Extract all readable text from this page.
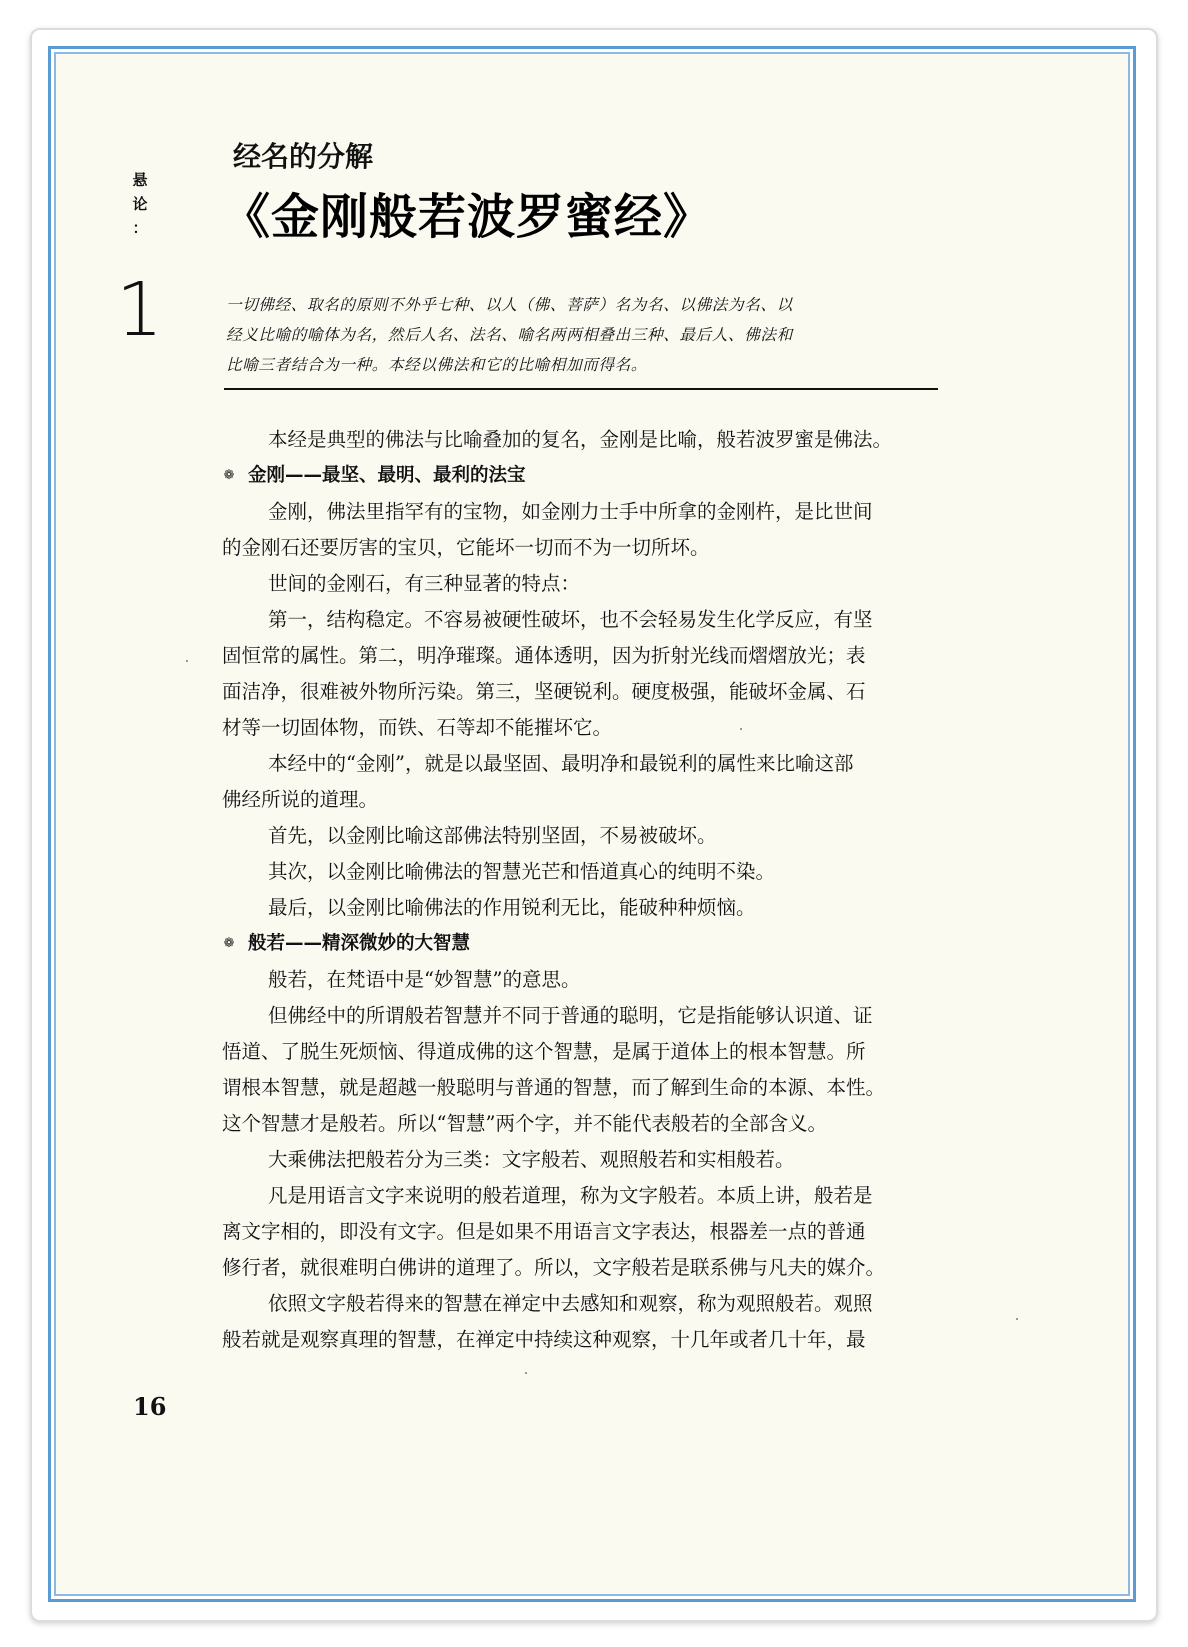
悬
论
：
1
经名的分解
《金刚般若波罗蜜经》

一切佛经、取名的原则不外乎七种、以人（佛、菩萨）名为名、以佛法为名、以

经义比喻的喻体为名，然后人名、法名、喻名两两相叠出三种、最后人、佛法和

比喻三者结合为一种。本经以佛法和它的比喻相加而得名。

本经是典型的佛法与比喻叠加的复名，金刚是比喻，般若波罗蜜是佛法。
❁ 金刚——最坚、最明、最利的法宝
金刚，佛法里指罕有的宝物，如金刚力士手中所拿的金刚杵，是比世间
的金刚石还要厉害的宝贝，它能坏一切而不为一切所坏。
世间的金刚石，有三种显著的特点：
第一，结构稳定。不容易被硬性破坏，也不会轻易发生化学反应，有坚
固恒常的属性。第二，明净璀璨。通体透明，因为折射光线而熠熠放光；表
面洁净，很难被外物所污染。第三，坚硬锐利。硬度极强，能破坏金属、石
材等一切固体物，而铁、石等却不能摧坏它。
本经中的“金刚”，就是以最坚固、最明净和最锐利的属性来比喻这部
佛经所说的道理。
首先，以金刚比喻这部佛法特别坚固，不易被破坏。
其次，以金刚比喻佛法的智慧光芒和悟道真心的纯明不染。
最后，以金刚比喻佛法的作用锐利无比，能破种种烦恼。
❁ 般若——精深微妙的大智慧
般若，在梵语中是“妙智慧”的意思。
但佛经中的所谓般若智慧并不同于普通的聪明，它是指能够认识道、证
悟道、了脱生死烦恼、得道成佛的这个智慧，是属于道体上的根本智慧。所
谓根本智慧，就是超越一般聪明与普通的智慧，而了解到生命的本源、本性。
这个智慧才是般若。所以“智慧”两个字，并不能代表般若的全部含义。
大乘佛法把般若分为三类：文字般若、观照般若和实相般若。
凡是用语言文字来说明的般若道理，称为文字般若。本质上讲，般若是
离文字相的，即没有文字。但是如果不用语言文字表达，根器差一点的普通
修行者，就很难明白佛讲的道理了。所以，文字般若是联系佛与凡夫的媒介。
依照文字般若得来的智慧在禅定中去感知和观察，称为观照般若。观照
般若就是观察真理的智慧，在禅定中持续这种观察，十几年或者几十年，最
16
